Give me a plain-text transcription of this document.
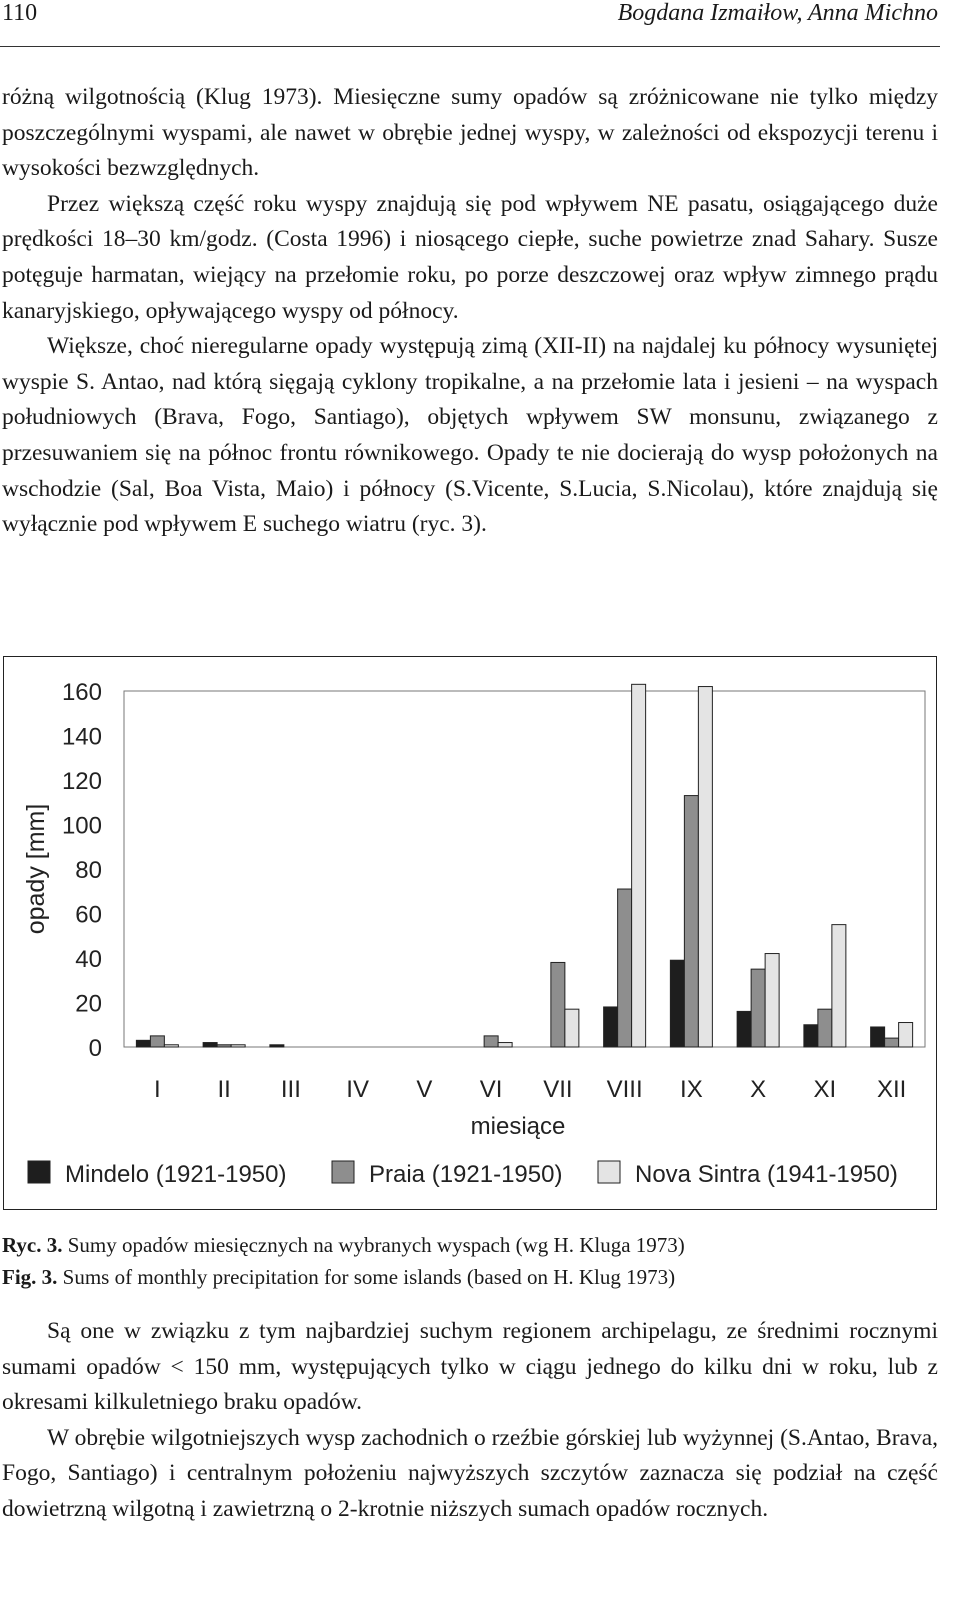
110	Bogdana Izmaiłow, Anna Michno

różną wilgotnością (Klug 1973). Miesięczne sumy opadów są zróżnicowane nie tylko między poszczególnymi wyspami, ale nawet w obrębie jednej wyspy, w zależności od ekspozycji terenu i wysokości bezwzględnych.

Przez większą część roku wyspy znajdują się pod wpływem NE pasatu, osiągającego duże prędkości 18–30 km/godz. (Costa 1996) i niosącego ciepłe, suche powietrze znad Sahary. Susze potęguje harmatan, wiejący na przełomie roku, po porze deszczowej oraz wpływ zimnego prądu kanaryjskiego, opływającego wyspy od północy.

Większe, choć nieregularne opady występują zimą (XII-II) na najdalej ku północy wysuniętej wyspie S. Antao, nad którą sięgają cyklony tropikalne, a na przełomie lata i jesieni – na wyspach południowych (Brava, Fogo, Santiago), objętych wpływem SW monsunu, związanego z przesuwaniem się na północ frontu równikowego. Opady te nie docierają do wysp położonych na wschodzie (Sal, Boa Vista, Maio) i północy (S.Vicente, S.Lucia, S.Nicolau), które znajdują się wyłącznie pod wpływem E suchego wiatru (ryc. 3).

0
20
40
60
80
100
120
140
160
opady [mm]
I II III IV V VI VII VIII IX X XI XII
miesiące
Mindelo (1921-1950)	Praia (1921-1950)	Nova Sintra (1941-1950)
Ryc. 3. Sumy opadów miesięcznych na wybranych wyspach (wg H. Kluga 1973)
Fig. 3. Sums of monthly precipitation for some islands (based on H. Klug 1973)

Są one w związku z tym najbardziej suchym regionem archipelagu, ze średnimi rocznymi sumami opadów < 150 mm, występujących tylko w ciągu jednego do kilku dni w roku, lub z okresami kilkuletniego braku opadów.

W obrębie wilgotniejszych wysp zachodnich o rzeźbie górskiej lub wyżynnej (S.Antao, Brava, Fogo, Santiago) i centralnym położeniu najwyższych szczytów zaznacza się podział na część dowietrzną wilgotną i zawietrzną o 2-krotnie niższych sumach opadów rocznych.
